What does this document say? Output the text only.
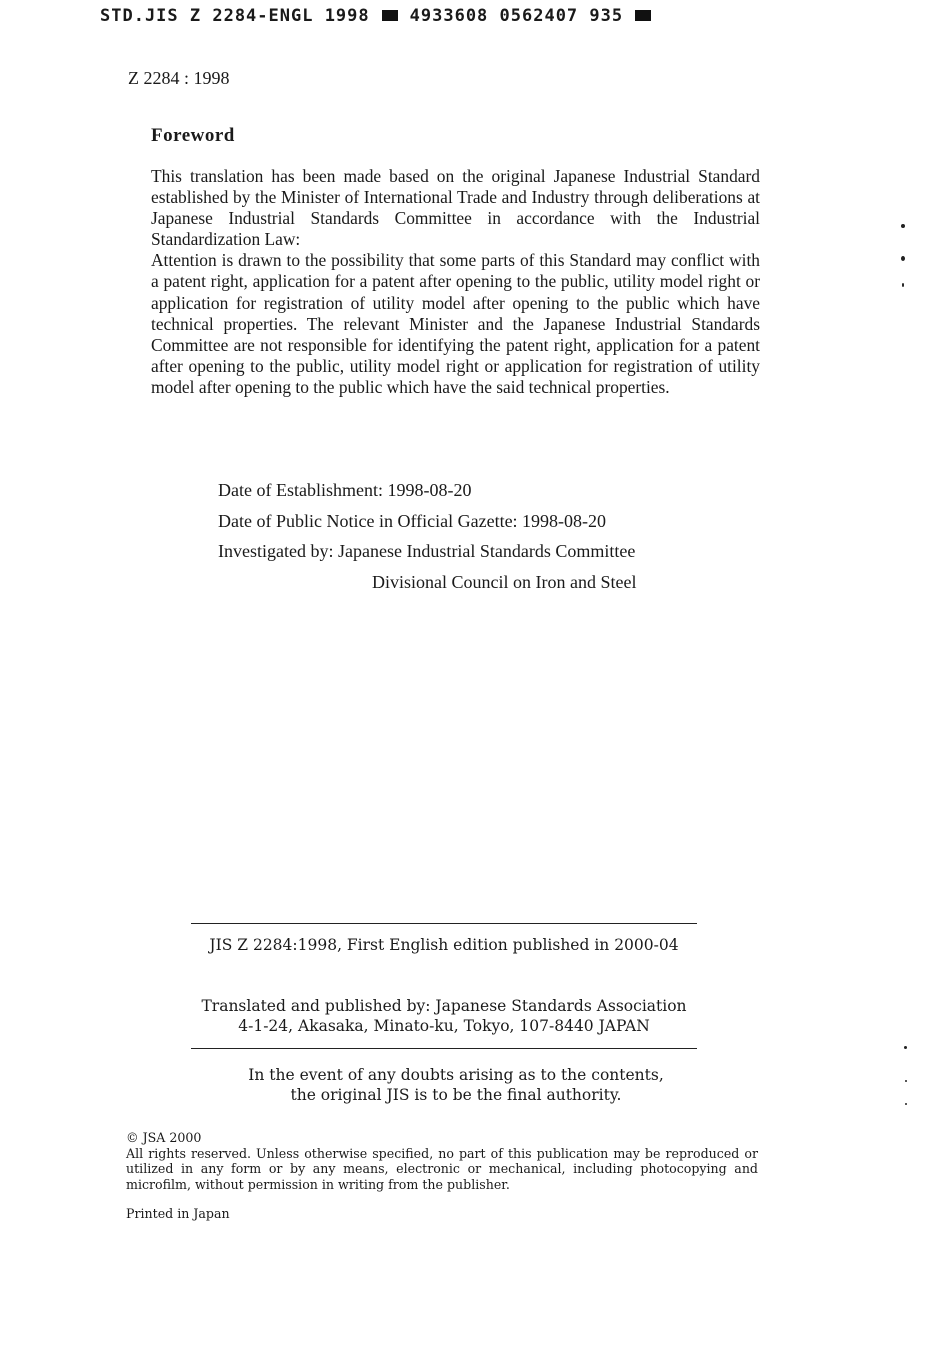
STD.JIS Z 2284-ENGL 1998 4933608 0562407 935
Z 2284 : 1998
Foreword

This translation has been made based on the original Japanese Industrial Standard established by the Minister of International Trade and Industry through deliberations at Japanese Industrial Standards Committee in accordance with the Industrial Standardization Law:

Attention is drawn to the possibility that some parts of this Standard may conflict with a patent right, application for a patent after opening to the public, utility model right or application for registration of utility model after opening to the public which have technical properties. The relevant Minister and the Japanese Industrial Standards Committee are not responsible for identifying the patent right, application for a patent after opening to the public, utility model right or application for registration of utility model after opening to the public which have the said technical properties.

Date of Establishment: 1998-08-20
Date of Public Notice in Official Gazette: 1998-08-20
Investigated by: Japanese Industrial Standards Committee
Divisional Council on Iron and Steel
JIS Z 2284:1998, First English edition published in 2000-04
Translated and published by: Japanese Standards Association
4-1-24, Akasaka, Minato-ku, Tokyo, 107-8440 JAPAN
In the event of any doubts arising as to the contents,
the original JIS is to be the final authority.
© JSA 2000
All rights reserved. Unless otherwise specified, no part of this publication may be reproduced or utilized in any form or by any means, electronic or mechanical, including photocopying and microfilm, without permission in writing from the publisher.
Printed in Japan
